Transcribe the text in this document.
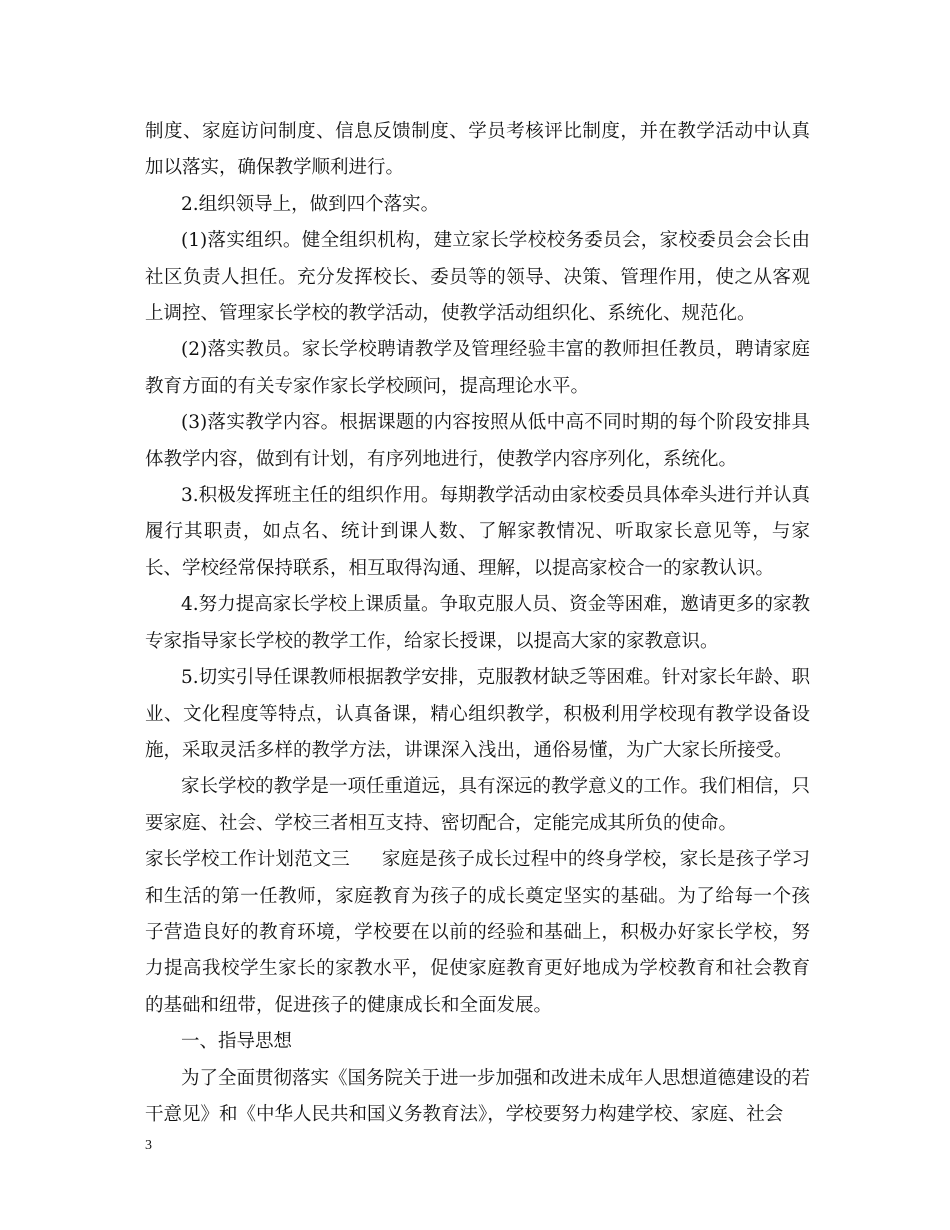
制度、家庭访问制度、信息反馈制度、学员考核评比制度，并在教学活动中认真加以落实，确保教学顺利进行。

2.组织领导上，做到四个落实。

(1)落实组织。健全组织机构，建立家长学校校务委员会，家校委员会会长由社区负责人担任。充分发挥校长、委员等的领导、决策、管理作用，使之从客观上调控、管理家长学校的教学活动，使教学活动组织化、系统化、规范化。

(2)落实教员。家长学校聘请教学及管理经验丰富的教师担任教员，聘请家庭教育方面的有关专家作家长学校顾问，提高理论水平。

(3)落实教学内容。根据课题的内容按照从低中高不同时期的每个阶段安排具体教学内容，做到有计划，有序列地进行，使教学内容序列化，系统化。

3.积极发挥班主任的组织作用。每期教学活动由家校委员具体牵头进行并认真履行其职责，如点名、统计到课人数、了解家教情况、听取家长意见等，与家长、学校经常保持联系，相互取得沟通、理解，以提高家校合一的家教认识。

4.努力提高家长学校上课质量。争取克服人员、资金等困难，邀请更多的家教专家指导家长学校的教学工作，给家长授课，以提高大家的家教意识。

5.切实引导任课教师根据教学安排，克服教材缺乏等困难。针对家长年龄、职业、文化程度等特点，认真备课，精心组织教学，积极利用学校现有教学设备设施，采取灵活多样的教学方法，讲课深入浅出，通俗易懂，为广大家长所接受。

家长学校的教学是一项任重道远，具有深远的教学意义的工作。我们相信，只要家庭、社会、学校三者相互支持、密切配合，定能完成其所负的使命。

家长学校工作计划范文三 家庭是孩子成长过程中的终身学校，家长是孩子学习和生活的第一任教师，家庭教育为孩子的成长奠定坚实的基础。为了给每一个孩子营造良好的教育环境，学校要在以前的经验和基础上，积极办好家长学校，努力提高我校学生家长的家教水平，促使家庭教育更好地成为学校教育和社会教育的基础和纽带，促进孩子的健康成长和全面发展。

一、指导思想

为了全面贯彻落实《国务院关于进一步加强和改进未成年人思想道德建设的若干意见》和《中华人民共和国义务教育法》，学校要努力构建学校、家庭、社会

3
